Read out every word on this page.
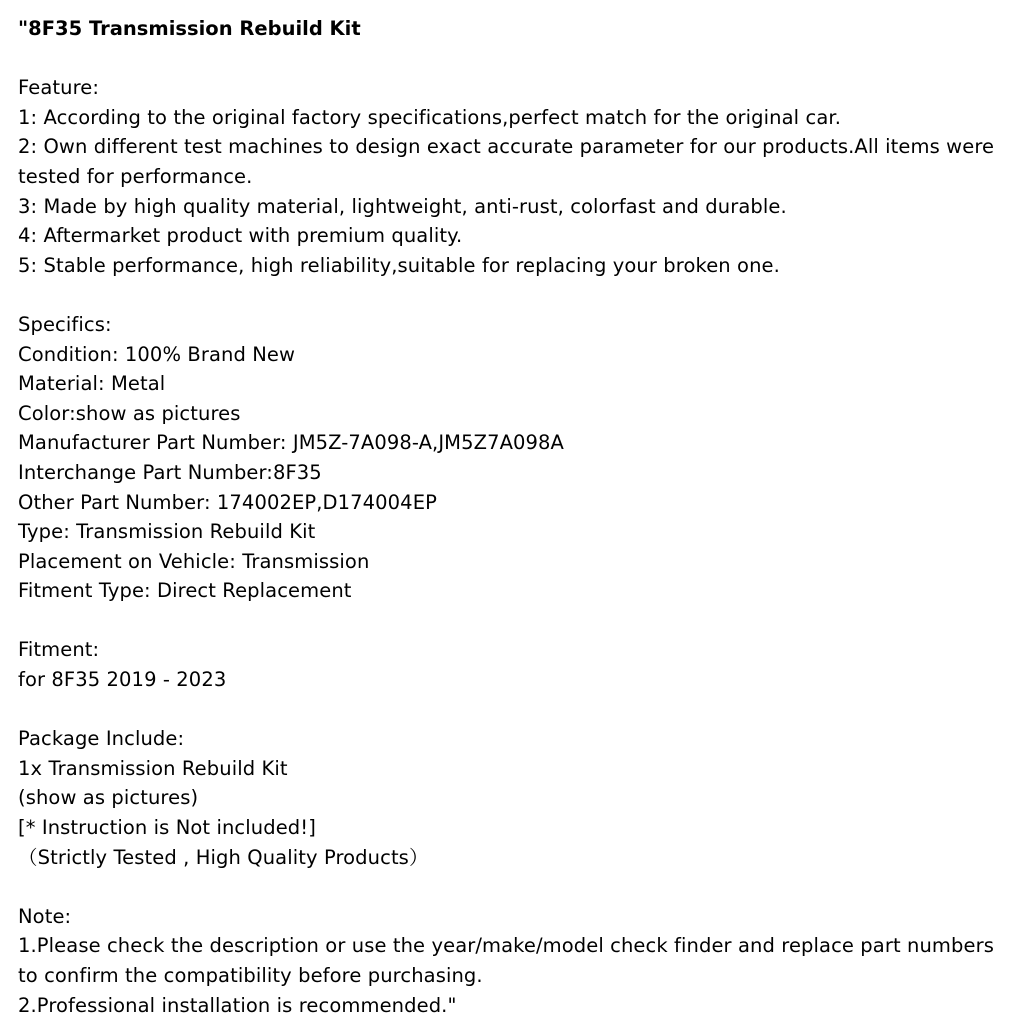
"8F35 Transmission Rebuild Kit
Feature:
1: According to the original factory specifications,perfect match for the original car.
2: Own different test machines to design exact accurate parameter for our products.All items were tested for performance.
3: Made by high quality material, lightweight, anti-rust, colorfast and durable.
4: Aftermarket product with premium quality.
5: Stable performance, high reliability,suitable for replacing your broken one.
Specifics:
Condition: 100% Brand New
Material: Metal
Color:show as pictures
Manufacturer Part Number: JM5Z-7A098-A,JM5Z7A098A
Interchange Part Number:8F35
Other Part Number: 174002EP,D174004EP
Type: Transmission Rebuild Kit
Placement on Vehicle: Transmission
Fitment Type: Direct Replacement
Fitment:
for 8F35 2019 - 2023
Package Include:
1x Transmission Rebuild Kit
(show as pictures)
[* Instruction is Not included!]
（Strictly Tested , High Quality Products）
Note:
1.Please check the description or use the year/make/model check finder and replace part numbers to confirm the compatibility before purchasing.
2.Professional installation is recommended."
